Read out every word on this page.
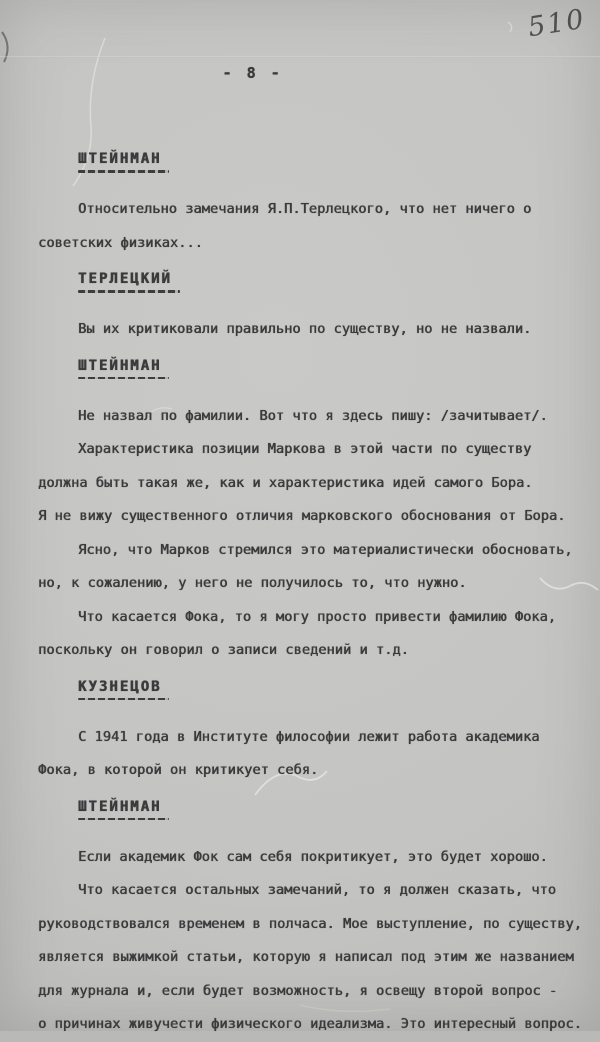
510
- 8 -
ШТЕЙНМАН
Относительно замечания Я.П.Терлецкого, что нет ничего о
советских физиках...
ТЕРЛЕЦКИЙ
Вы их критиковали правильно по существу, но не назвали.
ШТЕЙНМАН
Не назвал по фамилии. Вот что я здесь пишу: /зачитывает/.
Характеристика позиции Маркова в этой части по существу
должна быть такая же, как и характеристика идей самого Бора.
Я не вижу существенного отличия марковского обоснования от Бора.
Ясно, что Марков стремился это материалистически обосновать,
но, к сожалению, у него не получилось то, что нужно.
Что касается Фока, то я могу просто привести фамилию Фока,
поскольку он говорил о записи сведений и т.д.
КУЗНЕЦОВ
С 1941 года в Институте философии лежит работа академика
Фока, в которой он критикует себя.
ШТЕЙНМАН
Если академик Фок сам себя покритикует, это будет хорошо.
Что касается остальных замечаний, то я должен сказать, что
руководствовался временем в полчаса. Мое выступление, по существу,
является выжимкой статьи, которую я написал под этим же названием
для журнала и, если будет возможность, я освещу второй вопрос -
о причинах живучести физического идеализма. Это интересный вопрос.
